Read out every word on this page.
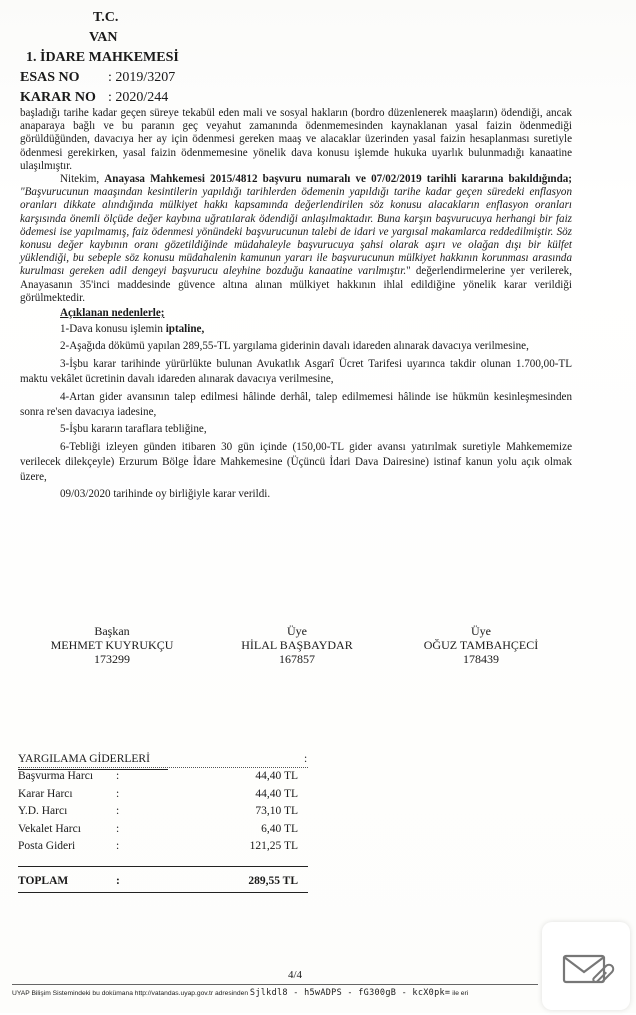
T.C.
VAN
1. İDARE MAHKEMESİ
ESAS NO : 2019/3207
KARAR NO : 2020/244

başladığı tarihe kadar geçen süreye tekabül eden mali ve sosyal hakların (bordro düzenlenerek maaşların) ödendiği, ancak anaparaya bağlı ve bu paranın geç veyahut zamanında ödenmemesinden kaynaklanan yasal faizin ödenmediği görüldüğünden, davacıya her ay için ödenmesi gereken maaş ve alacaklar üzerinden yasal faizin hesaplanması suretiyle ödenmesi gerekirken, yasal faizin ödenmemesine yönelik dava konusu işlemde hukuka uyarlık bulunmadığı kanaatine ulaşılmıştır.

Nitekim, Anayasa Mahkemesi 2015/4812 başvuru numaralı ve 07/02/2019 tarihli kararına bakıldığında; "Başvurucunun maaşından kesintilerin yapıldığı tarihlerden ödemenin yapıldığı tarihe kadar geçen süredeki enflasyon oranları dikkate alındığında mülkiyet hakkı kapsamında değerlendirilen söz konusu alacakların enflasyon oranları karşısında önemli ölçüde değer kaybına uğratılarak ödendiği anlaşılmaktadır. Buna karşın başvurucuya herhangi bir faiz ödemesi ise yapılmamış, faiz ödenmesi yönündeki başvurucunun talebi de idari ve yargısal makamlarca reddedilmiştir. Söz konusu değer kaybının oranı gözetildiğinde müdahaleyle başvurucuya şahsi olarak aşırı ve olağan dışı bir külfet yüklendiği, bu sebeple söz konusu müdahalenin kamunun yararı ile başvurucunun mülkiyet hakkının korunması arasında kurulması gereken adil dengeyi başvurucu aleyhine bozduğu kanaatine varılmıştır." değerlendirmelerine yer verilerek, Anayasanın 35'inci maddesinde güvence altına alınan mülkiyet hakkının ihlal edildiğine yönelik karar verildiği görülmektedir.

Açıklanan nedenlerle;

1-Dava konusu işlemin iptaline,

2-Aşağıda dökümü yapılan 289,55-TL yargılama giderinin davalı idareden alınarak davacıya verilmesine,

3-İşbu karar tarihinde yürürlükte bulunan Avukatlık Asgarî Ücret Tarifesi uyarınca takdir olunan 1.700,00-TL maktu vekâlet ücretinin davalı idareden alınarak davacıya verilmesine,

4-Artan gider avansının talep edilmesi hâlinde derhâl, talep edilmemesi hâlinde ise hükmün kesinleşmesinden sonra re'sen davacıya iadesine,

5-İşbu kararın taraflara tebliğine,

6-Tebliği izleyen günden itibaren 30 gün içinde (150,00-TL gider avansı yatırılmak suretiyle Mahkememize verilecek dilekçeyle) Erzurum Bölge İdare Mahkemesine (Üçüncü İdari Dava Dairesine) istinaf kanun yolu açık olmak üzere,

09/03/2020 tarihinde oy birliğiyle karar verildi.

Başkan
MEHMET KUYRUKÇU
173299
Üye
HİLAL BAŞBAYDAR
167857
Üye
OĞUZ TAMBAHÇECİ
178439
YARGILAMA GİDERLERİ	:
Başvurma Harcı	:	44,40 TL
Karar Harcı	:	44,40 TL
Y.D. Harcı	:	73,10 TL
Vekalet Harcı	:	6,40 TL
Posta Gideri	:	121,25 TL
TOPLAM	:	289,55 TL
4/4
UYAP Bilişim Sistemindeki bu dokümana http://vatandas.uyap.gov.tr adresinden Sjlkdl8 - h5wADPS - fG300gB - kcX0pk= ile eri
